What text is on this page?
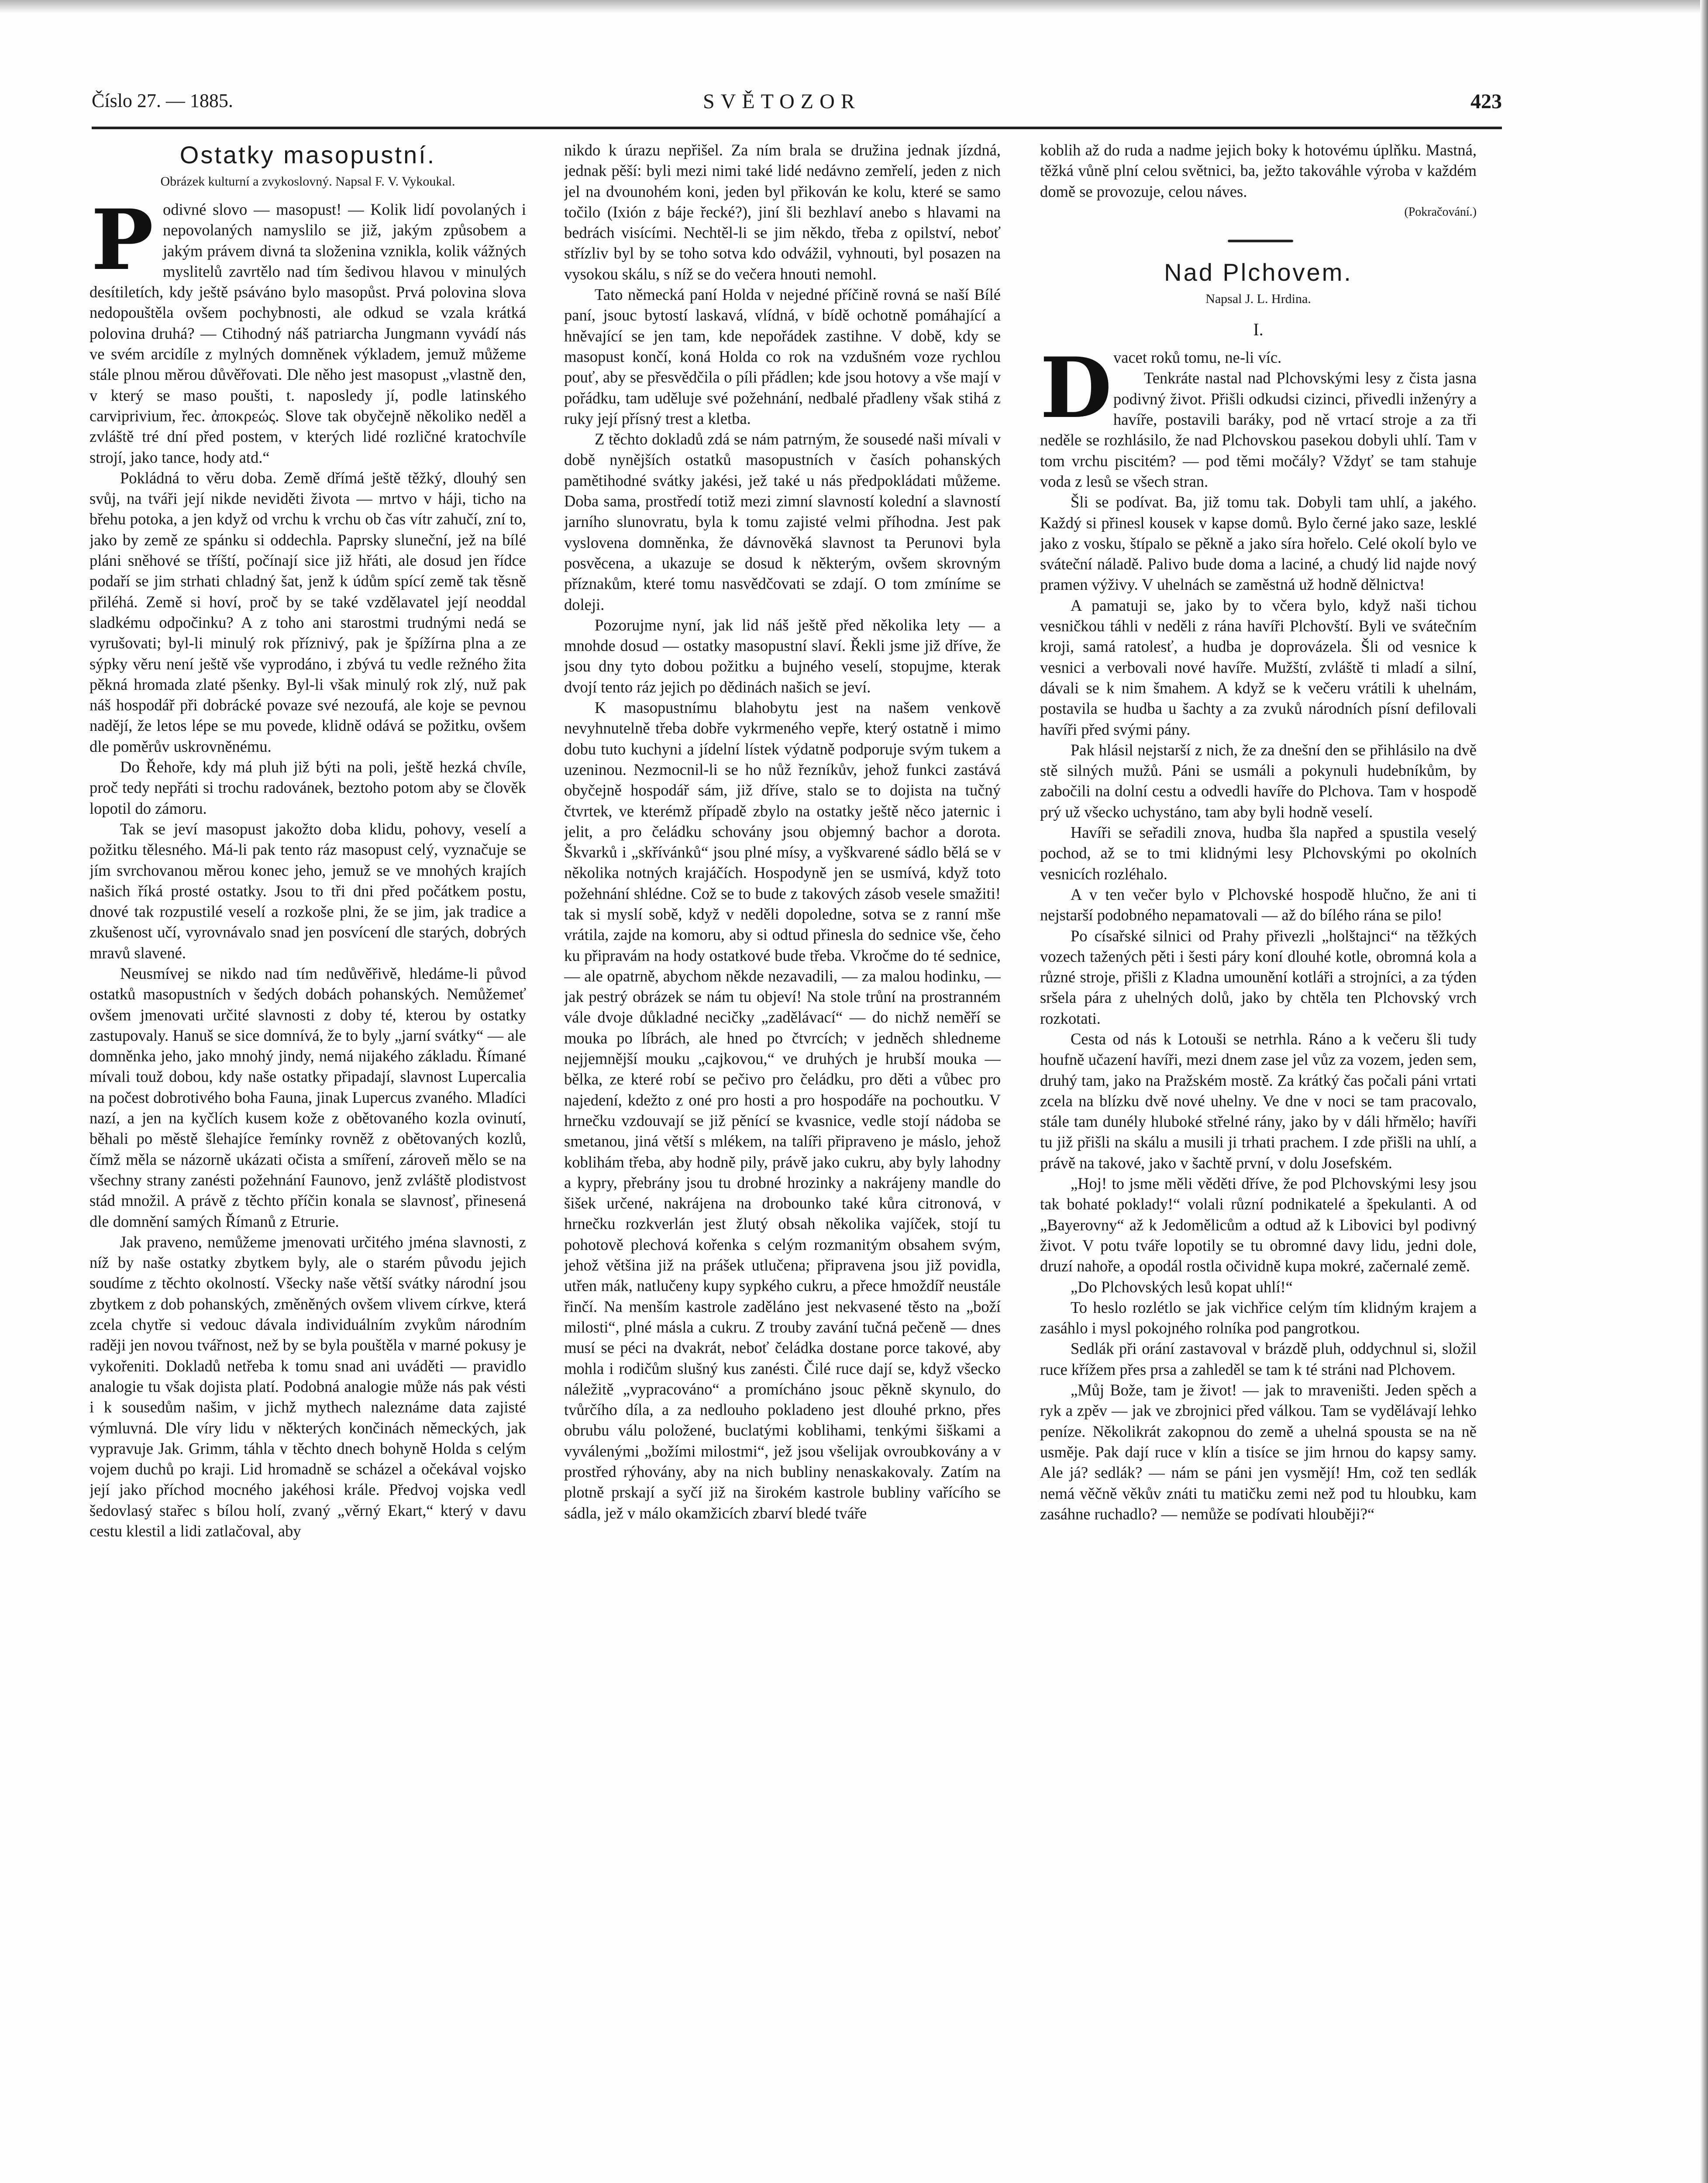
Číslo 27. — 1885.	SVĚTOZOR	423
Ostatky masopustní.
Obrázek kulturní a zvykoslovný. Napsal F. V. Vykoukal.
P odivné slovo — masopust! — Kolik lidí povolaných i nepovolaných namyslilo se již, jakým způsobem a jakým právem divná ta složenina vznikla, kolik vážných myslitelů zavrtělo nad tím šedivou hlavou v minulých desítiletích, kdy ještě psáváno bylo masopůst. Prvá polovina slova nedopouštěla ovšem pochybnosti, ale odkud se vzala krátká polovina druhá? — Ctihodný náš patriarcha Jungmann vyvádí nás ve svém arcidíle z mylných domněnek výkladem, jemuž můžeme stále plnou měrou důvěřovati. Dle něho jest masopust „vlastně den, v který se maso poušti, t. naposledy jí, podle latinského carviprivium, řec. ἀποκρεώς. Slove tak obyčejně několiko neděl a zvláště tré dní před postem, v kterých lidé rozličné kratochvíle strojí, jako tance, hody atd.“

Pokládná to věru doba. Země dřímá ještě těžký, dlouhý sen svůj, na tváři její nikde neviděti života — mrtvo v háji, ticho na břehu potoka, a jen když od vrchu k vrchu ob čas vítr zahučí, zní to, jako by země ze spánku si oddechla. Paprsky sluneční, jež na bílé pláni sněhové se tříští, počínají sice již hřáti, ale dosud jen řídce podaří se jim strhati chladný šat, jenž k údům spící země tak těsně přiléhá. Země si hoví, proč by se také vzdělavatel její neoddal sladkému odpočinku? A z toho ani starostmi trudnými nedá se vyrušovati; byl-li minulý rok příznivý, pak je špížírna plna a ze sýpky věru není ještě vše vyprodáno, i zbývá tu vedle režného žita pěkná hromada zlaté pšenky. Byl-li však minulý rok zlý, nuž pak náš hospodář při dobrácké povaze své nezoufá, ale koje se pevnou nadějí, že letos lépe se mu povede, klidně odává se požitku, ovšem dle poměrův uskrovněnému.

Do Řehoře, kdy má pluh již býti na poli, ještě hezká chvíle, proč tedy nepřáti si trochu radovánek, beztoho potom aby se člověk lopotil do zámoru.

Tak se jeví masopust jakožto doba klidu, pohovy, veselí a požitku tělesného. Má-li pak tento ráz masopust celý, vyznačuje se jím svrchovanou měrou konec jeho, jemuž se ve mnohých krajích našich říká prosté ostatky. Jsou to tři dni před počátkem postu, dnové tak rozpustilé veselí a rozkoše plni, že se jim, jak tradice a zkušenost učí, vyrovnávalo snad jen posvícení dle starých, dobrých mravů slavené.

Neusmívej se nikdo nad tím nedůvěřivě, hledáme-li původ ostatků masopustních v šedých dobách pohanských. Nemůžemeť ovšem jmenovati určité slavnosti z doby té, kterou by ostatky zastupovaly. Hanuš se sice domnívá, že to byly „jarní svátky“ — ale domněnka jeho, jako mnohý jindy, nemá nijakého základu. Římané mívali touž dobou, kdy naše ostatky připadají, slavnost Lupercalia na počest dobrotivého boha Fauna, jinak Lupercus zvaného. Mladíci nazí, a jen na kyčlích kusem kože z obětovaného kozla ovinutí, běhali po městě šlehajíce řemínky rovněž z obětovaných kozlů, čímž měla se názorně ukázati očista a smíření, zároveň mělo se na všechny strany zanésti požehnání Faunovo, jenž zvláště plodistvost stád množil. A právě z těchto příčin konala se slavnosť, přinesená dle domnění samých Římanů z Etrurie.

Jak praveno, nemůžeme jmenovati určitého jména slavnosti, z níž by naše ostatky zbytkem byly, ale o starém původu jejich soudíme z těchto okolností. Všecky naše větší svátky národní jsou zbytkem z dob pohanských, změněných ovšem vlivem církve, která zcela chytře si vedouc dávala individuálním zvykům národním raději jen novou tvářnost, než by se byla pouštěla v marné pokusy je vykořeniti. Dokladů netřeba k tomu snad ani uváděti — pravidlo analogie tu však dojista platí. Podobná analogie může nás pak vésti i k sousedům našim, v jichž mythech naleznáme data zajisté výmluvná. Dle víry lidu v některých končinách německých, jak vypravuje Jak. Grimm, táhla v těchto dnech bohyně Holda s celým vojem duchů po kraji. Lid hromadně se scházel a očekával vojsko její jako příchod mocného jakéhosi krále. Předvoj vojska vedl šedovlasý stařec s bílou holí, zvaný „věrný Ekart,“ který v davu cestu klestil a lidi zatlačoval, aby

nikdo k úrazu nepřišel. Za ním brala se družina jednak jízdná, jednak pěší: byli mezi nimi také lidé nedávno zemřelí, jeden z nich jel na dvounohém koni, jeden byl přikován ke kolu, které se samo točilo (Ixión z báje řecké?), jiní šli bezhlaví anebo s hlavami na bedrách visícími. Nechtěl-li se jim někdo, třeba z opilství, neboť střízliv byl by se toho sotva kdo odvážil, vyhnouti, byl posazen na vysokou skálu, s níž se do večera hnouti nemohl.

Tato německá paní Holda v nejedné příčině rovná se naší Bílé paní, jsouc bytostí laskavá, vlídná, v bídě ochotně pomáhající a hněvající se jen tam, kde nepořádek zastihne. V době, kdy se masopust končí, koná Holda co rok na vzdušném voze rychlou pouť, aby se přesvědčila o píli přádlen; kde jsou hotovy a vše mají v pořádku, tam uděluje své požehnání, nedbalé přadleny však stihá z ruky její přísný trest a kletba.

Z těchto dokladů zdá se nám patrným, že sousedé naši mívali v době nynějších ostatků masopustních v časích pohanských pamětihodné svátky jakési, jež také u nás předpokládati můžeme. Doba sama, prostředí totiž mezi zimní slavností kolední a slavností jarního slunovratu, byla k tomu zajisté velmi příhodna. Jest pak vyslovena domněnka, že dávnověká slavnost ta Perunovi byla posvěcena, a ukazuje se dosud k některým, ovšem skrovným příznakům, které tomu nasvědčovati se zdají. O tom zmíníme se doleji.

Pozorujme nyní, jak lid náš ještě před několika lety — a mnohde dosud — ostatky masopustní slaví. Řekli jsme již dříve, že jsou dny tyto dobou požitku a bujného veselí, stopujme, kterak dvojí tento ráz jejich po dědinách našich se jeví.

K masopustnímu blahobytu jest na našem venkově nevyhnutelně třeba dobře vykrmeného vepře, který ostatně i mimo dobu tuto kuchyni a jídelní lístek výdatně podporuje svým tukem a uzeninou. Nezmocnil-li se ho nůž řezníkův, jehož funkci zastává obyčejně hospodář sám, již dříve, stalo se to dojista na tučný čtvrtek, ve kterémž případě zbylo na ostatky ještě něco jaternic i jelit, a pro čeládku schovány jsou objemný bachor a dorota. Škvarků i „skřívánků“ jsou plné mísy, a vyškvarené sádlo bělá se v několika notných krajáčích. Hospodyně jen se usmívá, když toto požehnání shlédne. Což se to bude z takových zásob vesele smažiti! tak si myslí sobě, když v neděli dopoledne, sotva se z ranní mše vrátila, zajde na komoru, aby si odtud přinesla do sednice vše, čeho ku připravám na hody ostatkové bude třeba. Vkročme do té sednice, — ale opatrně, abychom někde nezavadili, — za malou hodinku, — jak pestrý obrázek se nám tu objeví! Na stole trůní na prostranném vále dvoje důkladné necičky „zadělávací“ — do nichž neměří se mouka po líbrách, ale hned po čtvrcích; v jedněch shledneme nejjemnější mouku „cajkovou,“ ve druhých je hrubší mouka — bělka, ze které robí se pečivo pro čeládku, pro děti a vůbec pro najedení, kdežto z oné pro hosti a pro hospodáře na pochoutku. V hrnečku vzdouvají se již pěnící se kvasnice, vedle stojí nádoba se smetanou, jiná větší s mlékem, na talíři připraveno je máslo, jehož koblihám třeba, aby hodně pily, právě jako cukru, aby byly lahodny a kypry, přebrány jsou tu drobné hrozinky a nakrájeny mandle do šišek určené, nakrájena na drobounko také kůra citronová, v hrnečku rozkverlán jest žlutý obsah několika vajíček, stojí tu pohotově plechová kořenka s celým rozmanitým obsahem svým, jehož většina již na prášek utlučena; připravena jsou již povidla, utřen mák, natlučeny kupy sypkého cukru, a přece hmoždíř neustále řinčí. Na menším kastrole zaděláno jest nekvasené těsto na „boží milosti“, plné másla a cukru. Z trouby zavání tučná pečeně — dnes musí se péci na dvakrát, neboť čeládka dostane porce takové, aby mohla i rodičům slušný kus zanésti. Čilé ruce dají se, když všecko náležitě „vypracováno“ a promícháno jsouc pěkně skynulo, do tvůrčího díla, a za nedlouho pokladeno jest dlouhé prkno, přes obrubu válu položené, buclatými koblihami, tenkými šiškami a vyválenými „božími milostmi“, jež jsou všelijak ovroubkovány a v prostřed rýhovány, aby na nich bubliny nenaskakovaly. Zatím na plotně prskají a syčí již na širokém kastrole bubliny vařícího se sádla, jež v málo okamžicích zbarví bledé tváře

koblih až do ruda a nadme jejich boky k hotovému úplňku. Mastná, těžká vůně plní celou světnici, ba, ježto takováhle výroba v každém domě se provozuje, celou náves.

(Pokračování.)
Nad Plchovem.
Napsal J. L. Hrdina.
I.
D vacet roků tomu, ne-li víc.

Tenkráte nastal nad Plchovskými lesy z čista jasna podivný život. Přišli odkudsi cizinci, přivedli inženýry a havíře, postavili baráky, pod ně vrtací stroje a za tři neděle se rozhlásilo, že nad Plchovskou pasekou dobyli uhlí. Tam v tom vrchu piscitém? — pod těmi močály? Vždyť se tam stahuje voda z lesů se všech stran.

Šli se podívat. Ba, již tomu tak. Dobyli tam uhlí, a jakého. Každý si přinesl kousek v kapse domů. Bylo černé jako saze, lesklé jako z vosku, štípalo se pěkně a jako síra hořelo. Celé okolí bylo ve sváteční náladě. Palivo bude doma a laciné, a chudý lid najde nový pramen výživy. V uhelnách se zaměstná už hodně dělnictva!

A pamatuji se, jako by to včera bylo, když naši tichou vesničkou táhli v neděli z rána havíři Plchovští. Byli ve svátečním kroji, samá ratolesť, a hudba je doprovázela. Šli od vesnice k vesnici a verbovali nové havíře. Mužští, zvláště ti mladí a silní, dávali se k nim šmahem. A když se k večeru vrátili k uhelnám, postavila se hudba u šachty a za zvuků národních písní defilovali havíři před svými pány.

Pak hlásil nejstarší z nich, že za dnešní den se přihlásilo na dvě stě silných mužů. Páni se usmáli a pokynuli hudebníkům, by zabočili na dolní cestu a odvedli havíře do Plchova. Tam v hospodě prý už všecko uchystáno, tam aby byli hodně veselí.

Havíři se seřadili znova, hudba šla napřed a spustila veselý pochod, až se to tmi klidnými lesy Plchovskými po okolních vesnicích rozléhalo.

A v ten večer bylo v Plchovské hospodě hlučno, že ani ti nejstarší podobného nepamatovali — až do bílého rána se pilo!

Po císařské silnici od Prahy přivezli „holštajnci“ na těžkých vozech tažených pěti i šesti páry koní dlouhé kotle, obromná kola a různé stroje, přišli z Kladna umounění kotláři a strojníci, a za týden sršela pára z uhelných dolů, jako by chtěla ten Plchovský vrch rozkotati.

Cesta od nás k Lotouši se netrhla. Ráno a k večeru šli tudy houfně učazení havíři, mezi dnem zase jel vůz za vozem, jeden sem, druhý tam, jako na Pražském mostě. Za krátký čas počali páni vrtati zcela na blízku dvě nové uhelny. Ve dne v noci se tam pracovalo, stále tam dunély hluboké střelné rány, jako by v dáli hřmělo; havíři tu již přišli na skálu a musili ji trhati prachem. I zde přišli na uhlí, a právě na takové, jako v šachtě první, v dolu Josefském.

„Hoj! to jsme měli věděti dříve, že pod Plchovskými lesy jsou tak bohaté poklady!“ volali různí podnikatelé a špekulanti. A od „Bayerovny“ až k Jedomělicům a odtud až k Libovici byl podivný život. V potu tváře lopotily se tu obromné davy lidu, jedni dole, druzí nahoře, a opodál rostla očividně kupa mokré, začernalé země.

„Do Plchovských lesů kopat uhlí!“

To heslo rozlétlo se jak vichřice celým tím klidným krajem a zasáhlo i mysl pokojného rolníka pod pangrotkou.

Sedlák při orání zastavoval v brázdě pluh, oddychnul si, složil ruce křížem přes prsa a zahleděl se tam k té stráni nad Plchovem.

„Můj Bože, tam je život! — jak to mraveništi. Jeden spěch a ryk a zpěv — jak ve zbrojnici před válkou. Tam se vydělávají lehko peníze. Několikrát zakopnou do země a uhelná spousta se na ně usměje. Pak dají ruce v klín a tisíce se jim hrnou do kapsy samy. Ale já? sedlák? — nám se páni jen vysmějí! Hm, což ten sedlák nemá věčně věkův znáti tu matičku zemi než pod tu hloubku, kam zasáhne ruchadlo? — nemůže se podívati hlouběji?“
